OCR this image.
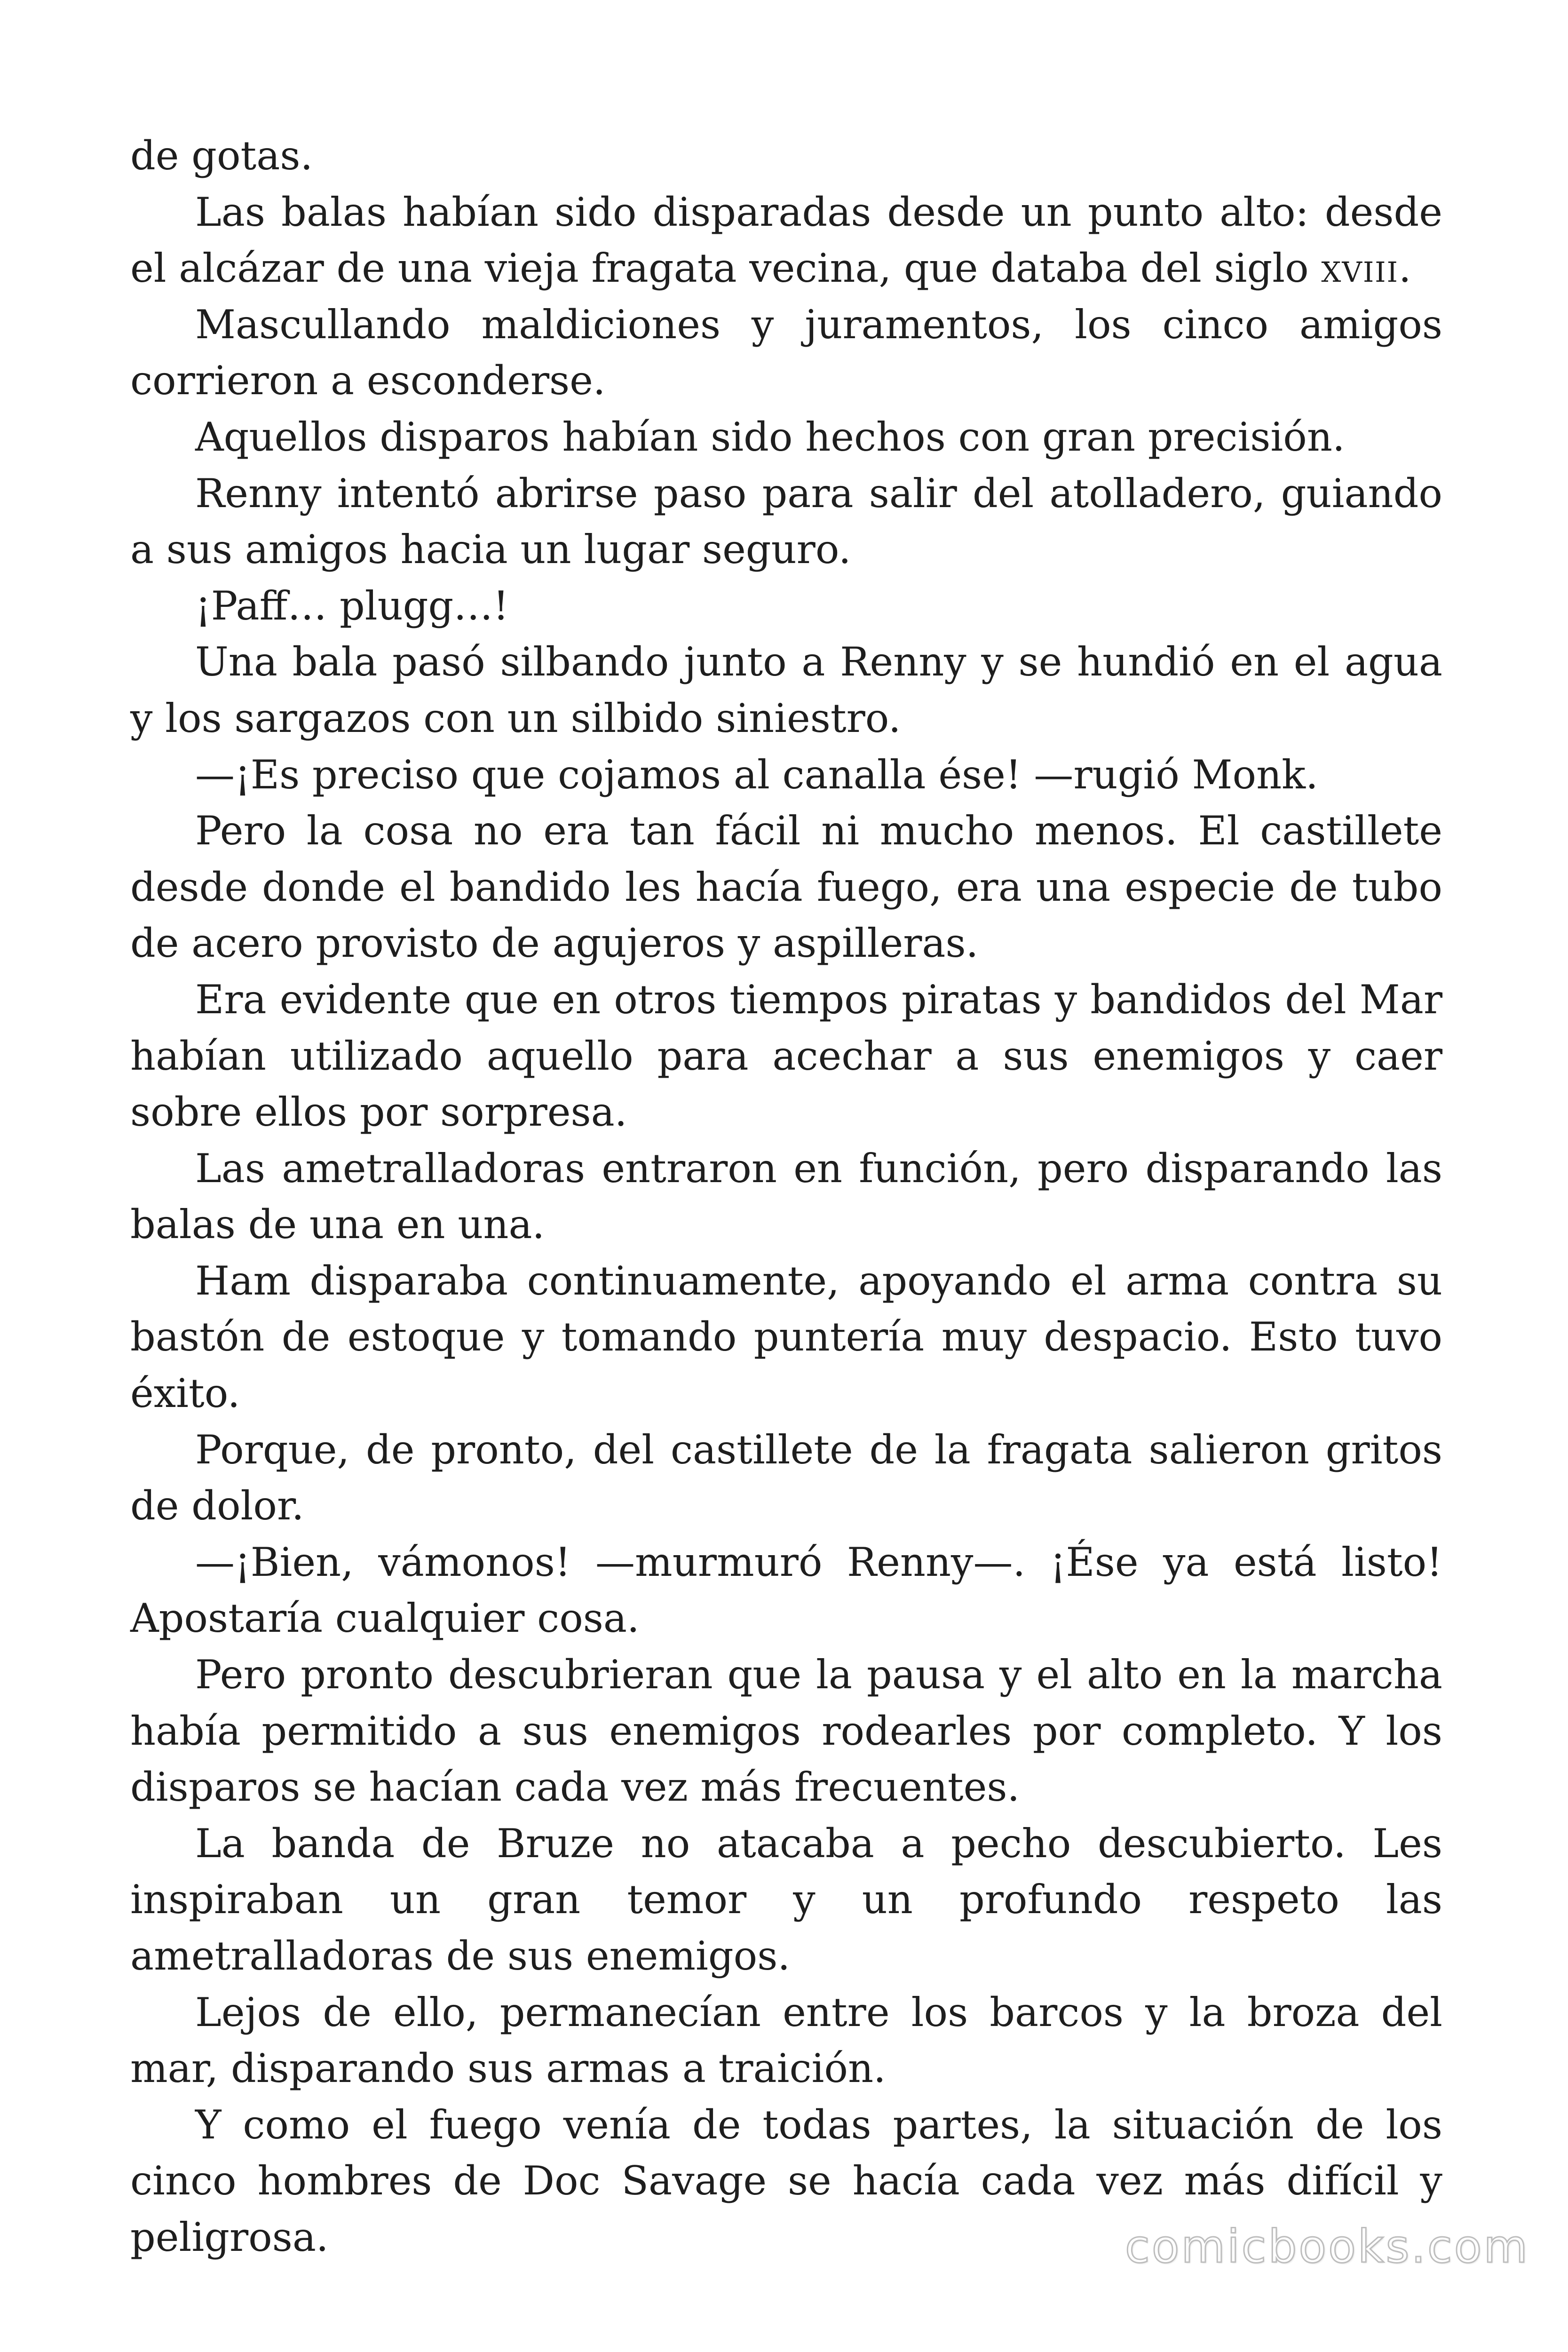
de gotas.

Las balas habían sido disparadas desde un punto alto: desde el alcázar de una vieja fragata vecina, que databa del siglo xviii.

Mascullando maldiciones y juramentos, los cinco amigos corrieron a esconderse.

Aquellos disparos habían sido hechos con gran precisión.

Renny intentó abrirse paso para salir del atolladero, guiando a sus amigos hacia un lugar seguro.

¡Paff… plugg…!

Una bala pasó silbando junto a Renny y se hundió en el agua y los sargazos con un silbido siniestro.

—¡Es preciso que cojamos al canalla ése! —rugió Monk.

Pero la cosa no era tan fácil ni mucho menos. El castillete desde donde el bandido les hacía fuego, era una especie de tubo de acero provisto de agujeros y aspilleras.

Era evidente que en otros tiempos piratas y bandidos del Mar habían utilizado aquello para acechar a sus enemigos y caer sobre ellos por sorpresa.

Las ametralladoras entraron en función, pero disparando las balas de una en una.

Ham disparaba continuamente, apoyando el arma contra su bastón de estoque y tomando puntería muy despacio. Esto tuvo éxito.

Porque, de pronto, del castillete de la fragata salieron gritos de dolor.

—¡Bien, vámonos! —murmuró Renny—. ¡Ése ya está listo! Apostaría cualquier cosa.

Pero pronto descubrieran que la pausa y el alto en la marcha había permitido a sus enemigos rodearles por completo. Y los disparos se hacían cada vez más frecuentes.

La banda de Bruze no atacaba a pecho descubierto. Les inspiraban un gran temor y un profundo respeto las ametralladoras de sus enemigos.

Lejos de ello, permanecían entre los barcos y la broza del mar, disparando sus armas a traición.

Y como el fuego venía de todas partes, la situación de los cinco hombres de Doc Savage se hacía cada vez más difícil y peligrosa.	comicbooks.com
